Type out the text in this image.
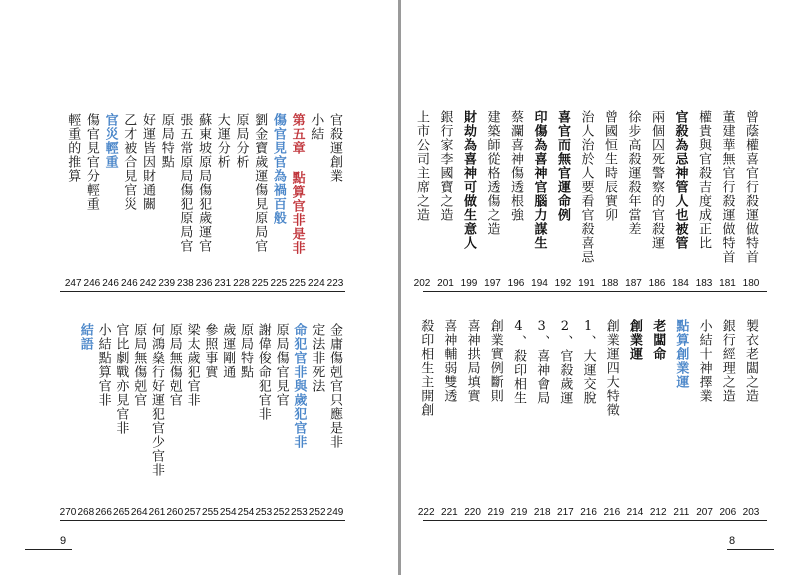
官殺運創業
223
小結
224
第五章 點算官非是非
225
傷官見官為禍百般
225
劉金寶歲運傷見原局官
225
原局分析
228
大運分析
231
蘇東坡原局傷犯歲運官
236
張五常原局傷犯原局官
238
原局特點
239
好運皆因財通關
242
乙才被合見官災
246
官災輕重
246
傷官見官分輕重
246
輕重的推算
247
金庸傷剋官只應是非
249
定法非死法
252
命犯官非與歲犯官非
253
原局傷官見官
252
謝偉俊命犯官非
253
原局特點
254
歲運剛通
254
參照事實
255
梁太歲犯官非
257
原局無傷剋官
260
何鴻燊行好運犯官少官非
261
原局無傷剋官
264
官比劇戰亦見官非
265
小結點算官非
266
結語
268
270
9
曾蔭權喜官行殺運做特首
180
董建華無官行殺運做特首
181
權貴與官殺吉度成正比
183
官殺為忌神管人也被管
184
兩個囚死警察的官殺運
186
徐步高殺運殺年當差
187
曾國恒生時辰實卯
188
治人治於人要看官殺喜忌
191
喜官而無官運命例
192
印傷為喜神官腦力謀生
194
蔡瀾喜神傷透根強
196
建築師從格透傷之造
197
財劫為喜神可做生意人
199
銀行家李國寶之造
201
上市公司主席之造
202
製衣老闆之造
203
銀行經理之造
206
小結十神擇業
207
點算創業運
211
老闆命
212
創業運
214
創業運四大特徵
216
1、大運交脫
216
2、官殺歲運
217
3、喜神會局
218
4、殺印相生
219
創業實例斷則
219
喜神拱局填實
220
喜神輔弱雙透
221
殺印相生主開創
222
8
